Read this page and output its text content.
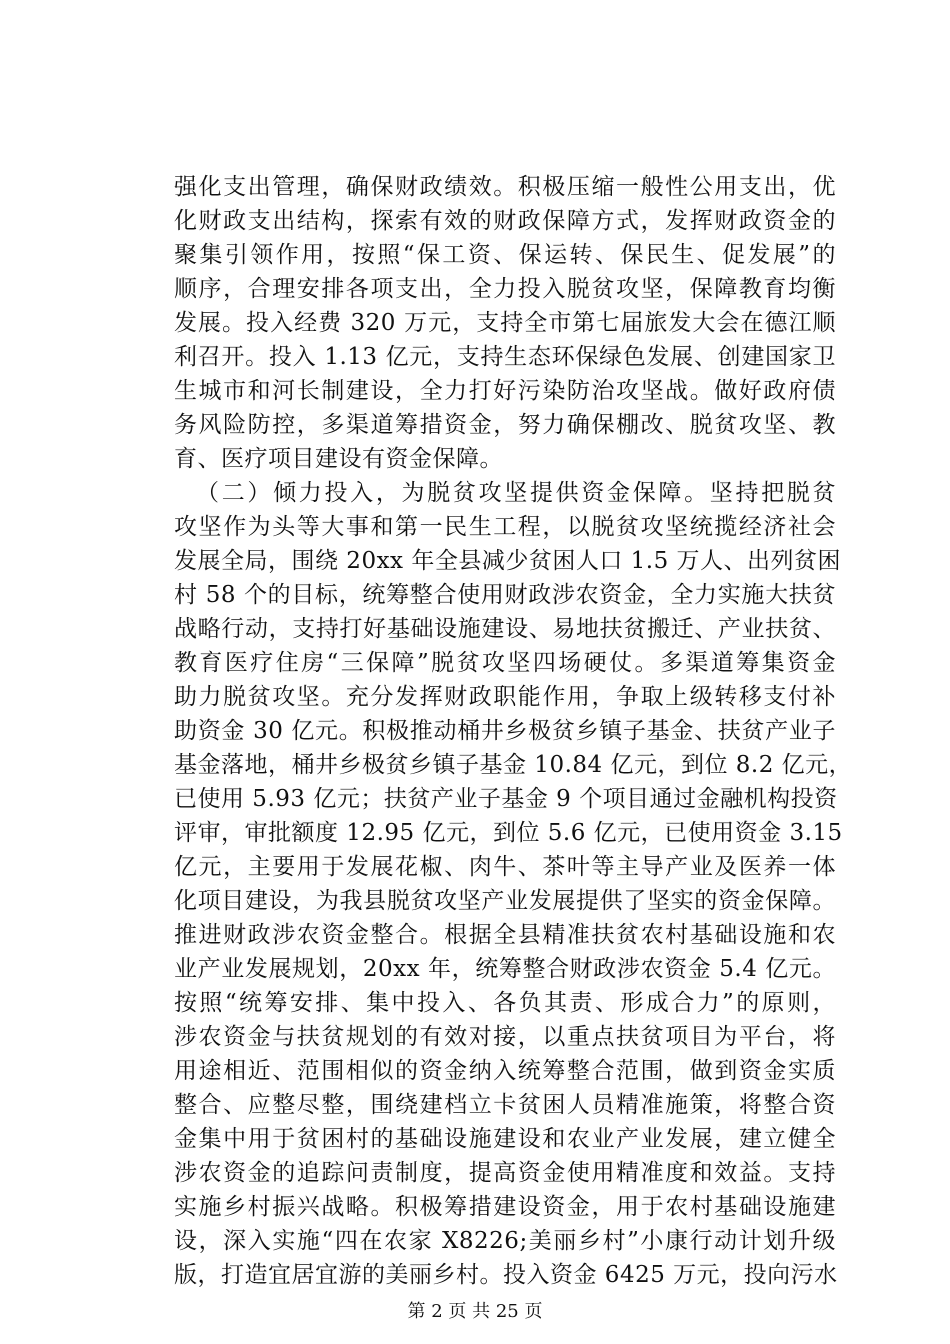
强化支出管理，确保财政绩效。积极压缩一般性公用支出，优
化财政支出结构，探索有效的财政保障方式，发挥财政资金的
聚集引领作用，按照“保工资、保运转、保民生、促发展”的
顺序，合理安排各项支出，全力投入脱贫攻坚，保障教育均衡
发展。投入经费 320 万元，支持全市第七届旅发大会在德江顺
利召开。投入 1.13 亿元，支持生态环保绿色发展、创建国家卫
生城市和河长制建设，全力打好污染防治攻坚战。做好政府债
务风险防控，多渠道筹措资金，努力确保棚改、脱贫攻坚、教
育、医疗项目建设有资金保障。
（二）倾力投入，为脱贫攻坚提供资金保障。坚持把脱贫
攻坚作为头等大事和第一民生工程，以脱贫攻坚统揽经济社会
发展全局，围绕 20xx 年全县减少贫困人口 1.5 万人、出列贫困
村 58 个的目标，统筹整合使用财政涉农资金，全力实施大扶贫
战略行动，支持打好基础设施建设、易地扶贫搬迁、产业扶贫、
教育医疗住房“三保障”脱贫攻坚四场硬仗。多渠道筹集资金
助力脱贫攻坚。充分发挥财政职能作用，争取上级转移支付补
助资金 30 亿元。积极推动桶井乡极贫乡镇子基金、扶贫产业子
基金落地，桶井乡极贫乡镇子基金 10.84 亿元，到位 8.2 亿元，
已使用 5.93 亿元；扶贫产业子基金 9 个项目通过金融机构投资
评审，审批额度 12.95 亿元，到位 5.6 亿元，已使用资金 3.15
亿元，主要用于发展花椒、肉牛、茶叶等主导产业及医养一体
化项目建设，为我县脱贫攻坚产业发展提供了坚实的资金保障。
推进财政涉农资金整合。根据全县精准扶贫农村基础设施和农
业产业发展规划，20xx 年，统筹整合财政涉农资金 5.4 亿元。
按照“统筹安排、集中投入、各负其责、形成合力”的原则，
涉农资金与扶贫规划的有效对接，以重点扶贫项目为平台，将
用途相近、范围相似的资金纳入统筹整合范围，做到资金实质
整合、应整尽整，围绕建档立卡贫困人员精准施策，将整合资
金集中用于贫困村的基础设施建设和农业产业发展，建立健全
涉农资金的追踪问责制度，提高资金使用精准度和效益。支持
实施乡村振兴战略。积极筹措建设资金，用于农村基础设施建
设，深入实施“四在农家 X8226;美丽乡村”小康行动计划升级
版，打造宜居宜游的美丽乡村。投入资金 6425 万元，投向污水
第 2 页 共 25 页
